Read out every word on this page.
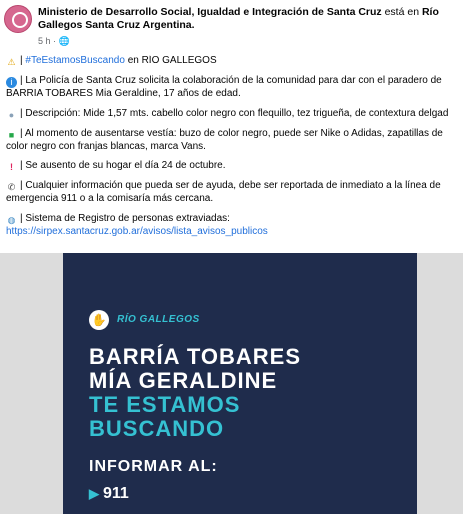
Ministerio de Desarrollo Social, Igualdad e Integración de Santa Cruz está en Río Gallegos Santa Cruz Argentina.
5 h · 🌐
⚠ | #TeEstamosBuscando en RÍO GALLEGOS
i | La Policía de Santa Cruz solicita la colaboración de la comunidad para dar con el paradero de
BARRIA TOBARES Mia Geraldine, 17 años de edad.
● | Descripción: Mide 1,57 mts. cabello color negro con flequillo, tez trigueña, de contextura delgad
■ | Al momento de ausentarse vestía: buzo de color negro, puede ser Nike o Adidas, zapatillas de
color negro con franjas blancas, marca Vans.
! | Se ausento de su hogar el día 24 de octubre.
✆ | Cualquier información que pueda ser de ayuda, debe ser reportada de inmediato a la línea de
emergencia 911 o a la comisaría más cercana.
◍ | Sistema de Registro de personas extraviadas:
https://sirpex.santacruz.gob.ar/avisos/lista_avisos_publicos
✋ RÍO GALLEGOS
BARRÍA TOBARES
MÍA GERALDINE
TE ESTAMOS
BUSCANDO
INFORMAR AL:
▶ 911
